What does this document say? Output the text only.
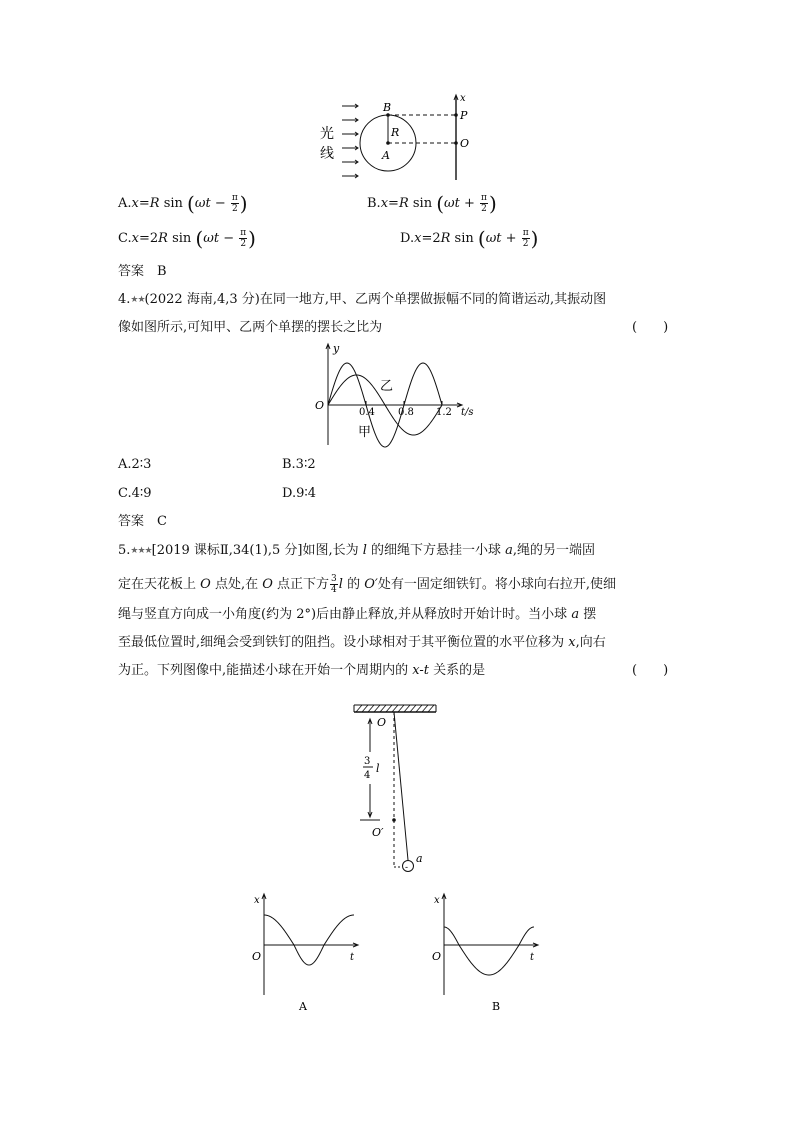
光
线
B
R
A
x
P
O
A.x=R $\sin (\omega t - \frac{\pi}{2}$ )	B.x=R $\sin (\omega t + \frac{\pi}{2}$ )
C.x=2R $\sin (\omega t - \frac{\pi}{2}$ )	D.x=2R $\sin (\omega t + \frac{\pi}{2}$ )
答案　B
4.★★(2022 海南,4,3 分)在同一地方,甲、乙两个单摆做振幅不同的简谐运动,其振动图
像如图所示,可知甲、乙两个单摆的摆长之比为	(　　)
y
O
0.4 0.8 1.2 t/s
乙
甲
A.2∶3	B.3∶2
C.4∶9	D.9∶4
答案　C
5.★★★[2019 课标Ⅱ,34(1),5 分]如图,长为 l 的细绳下方悬挂一小球 a,绳的另一端固
定在天花板上 O 点处,在 O 点正下方 $\frac{3}{4}$ l 的 O′处有一固定细铁钉。将小球向右拉开,使细
绳与竖直方向成一小角度(约为 2°)后由静止释放,并从释放时开始计时。当小球 a 摆
至最低位置时,细绳会受到铁钉的阻挡。设小球相对于其平衡位置的水平位移为 x,向右
为正。下列图像中,能描述小球在开始一个周期内的 x-t 关系的是	(　　)
O
3
4
l
O′
a
-
x
O	t
A
x
O	t
B
